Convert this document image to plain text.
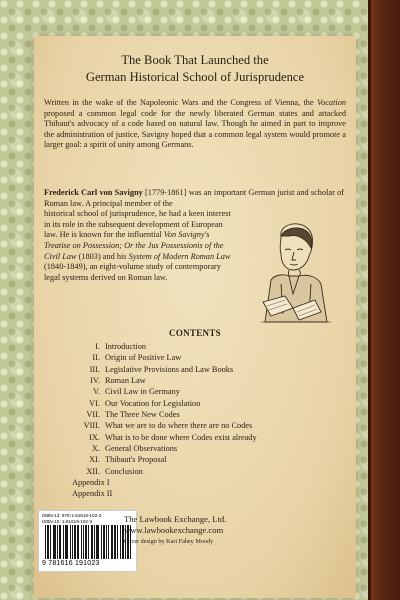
The Book That Launched the
German Historical School of Jurisprudence

Written in the wake of the Napoleonic Wars and the Congress of Vienna, the Vocation proposed a common legal code for the newly liberated German states and attacked Thibaut's advocacy of a code based on natural law. Though he aimed in part to improve the administration of justice, Savigny hoped that a common legal system would promote a larger goal: a spirit of unity among Germans.

Frederick Carl von Savigny [1779-1861] was an important German jurist and scholar of Roman law. A principal member of the
historical school of jurisprudence, he had a keen interest in its role in the subsequent development of European law. He is known for the influential Von Savigny's Treatise on Possession; Or the Jus Possessionis of the Civil Law (1803) and his System of Modern Roman Law (1840-1849), an eight-volume study of contemporary legal systems derived on Roman law.

CONTENTS
I. Introduction
II. Origin of Positive Law
III. Legislative Provisions and Law Books
IV. Roman Law
V. Civil Law in Germany
VI. Our Vocation for Legislation
VII. The Three New Codes
VIII. What we are to do where there are no Codes
IX. What is to be done where Codes exist already
X. General Observations
XI. Thibaut's Proposal
XII. Conclusion
Appendix I
Appendix II
ISBN-13: 978-1-61619-102-3
ISBN-10: 1-61619-102-3
9 781616 191023
The Lawbook Exchange, Ltd.
www.lawbookexchange.com
Cover design by Kari Fahey Moody
